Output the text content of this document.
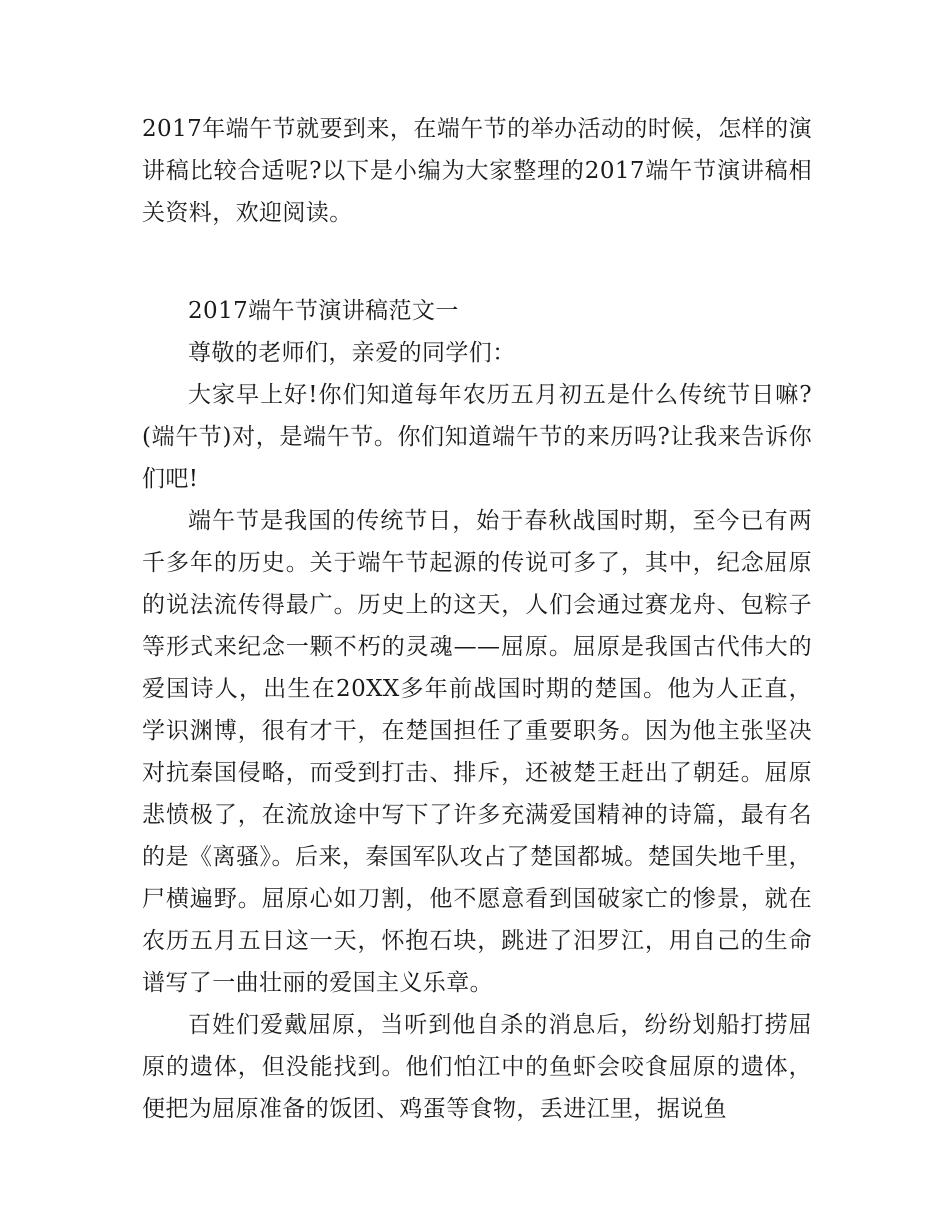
2017年端午节就要到来，在端午节的举办活动的时候，怎样的演讲稿比较合适呢?以下是小编为大家整理的2017端午节演讲稿相关资料，欢迎阅读。

2017端午节演讲稿范文一

尊敬的老师们，亲爱的同学们：

大家早上好!你们知道每年农历五月初五是什么传统节日嘛?(端午节)对，是端午节。你们知道端午节的来历吗?让我来告诉你们吧!

端午节是我国的传统节日，始于春秋战国时期，至今已有两千多年的历史。关于端午节起源的传说可多了，其中，纪念屈原的说法流传得最广。历史上的这天，人们会通过赛龙舟、包粽子等形式来纪念一颗不朽的灵魂——屈原。屈原是我国古代伟大的爱国诗人，出生在20XX多年前战国时期的楚国。他为人正直，学识渊博，很有才干，在楚国担任了重要职务。因为他主张坚决对抗秦国侵略，而受到打击、排斥，还被楚王赶出了朝廷。屈原悲愤极了，在流放途中写下了许多充满爱国精神的诗篇，最有名的是《离骚》。后来，秦国军队攻占了楚国都城。楚国失地千里，尸横遍野。屈原心如刀割，他不愿意看到国破家亡的惨景，就在农历五月五日这一天，怀抱石块，跳进了汨罗江，用自己的生命谱写了一曲壮丽的爱国主义乐章。

百姓们爱戴屈原，当听到他自杀的消息后，纷纷划船打捞屈原的遗体，但没能找到。他们怕江中的鱼虾会咬食屈原的遗体，便把为屈原准备的饭团、鸡蛋等食物，丢进江里，据说鱼
